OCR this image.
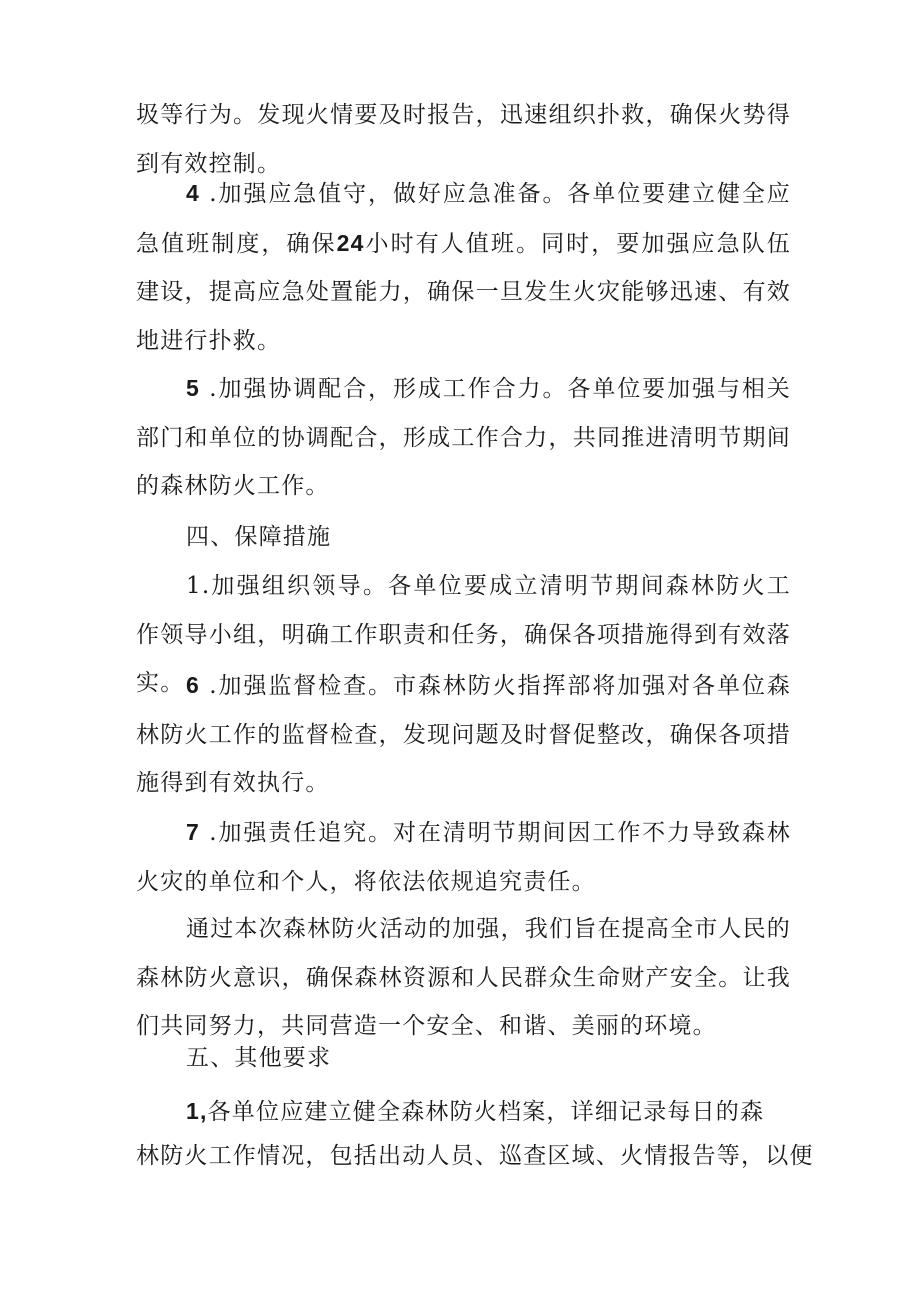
圾等行为。发现火情要及时报告，迅速组织扑救，确保火势得到有效控制。

4 .加强应急值守，做好应急准备。各单位要建立健全应急值班制度，确保24小时有人值班。同时，要加强应急队伍建设，提高应急处置能力，确保一旦发生火灾能够迅速、有效地进行扑救。

5 .加强协调配合，形成工作合力。各单位要加强与相关部门和单位的协调配合，形成工作合力，共同推进清明节期间的森林防火工作。

四、保障措施

1.加强组织领导。各单位要成立清明节期间森林防火工作领导小组，明确工作职责和任务，确保各项措施得到有效落实。 6 .加强监督检查。市森林防火指挥部将加强对各单位森林防火工作的监督检查，发现问题及时督促整改，确保各项措施得到有效执行。

7 .加强责任追究。对在清明节期间因工作不力导致森林火灾的单位和个人，将依法依规追究责任。

通过本次森林防火活动的加强，我们旨在提高全市人民的森林防火意识，确保森林资源和人民群众生命财产安全。让我们共同努力，共同营造一个安全、和谐、美丽的环境。

五、其他要求

1,各单位应建立健全森林防火档案，详细记录每日的森

林防火工作情况，包括出动人员、巡查区域、火情报告等，以便
